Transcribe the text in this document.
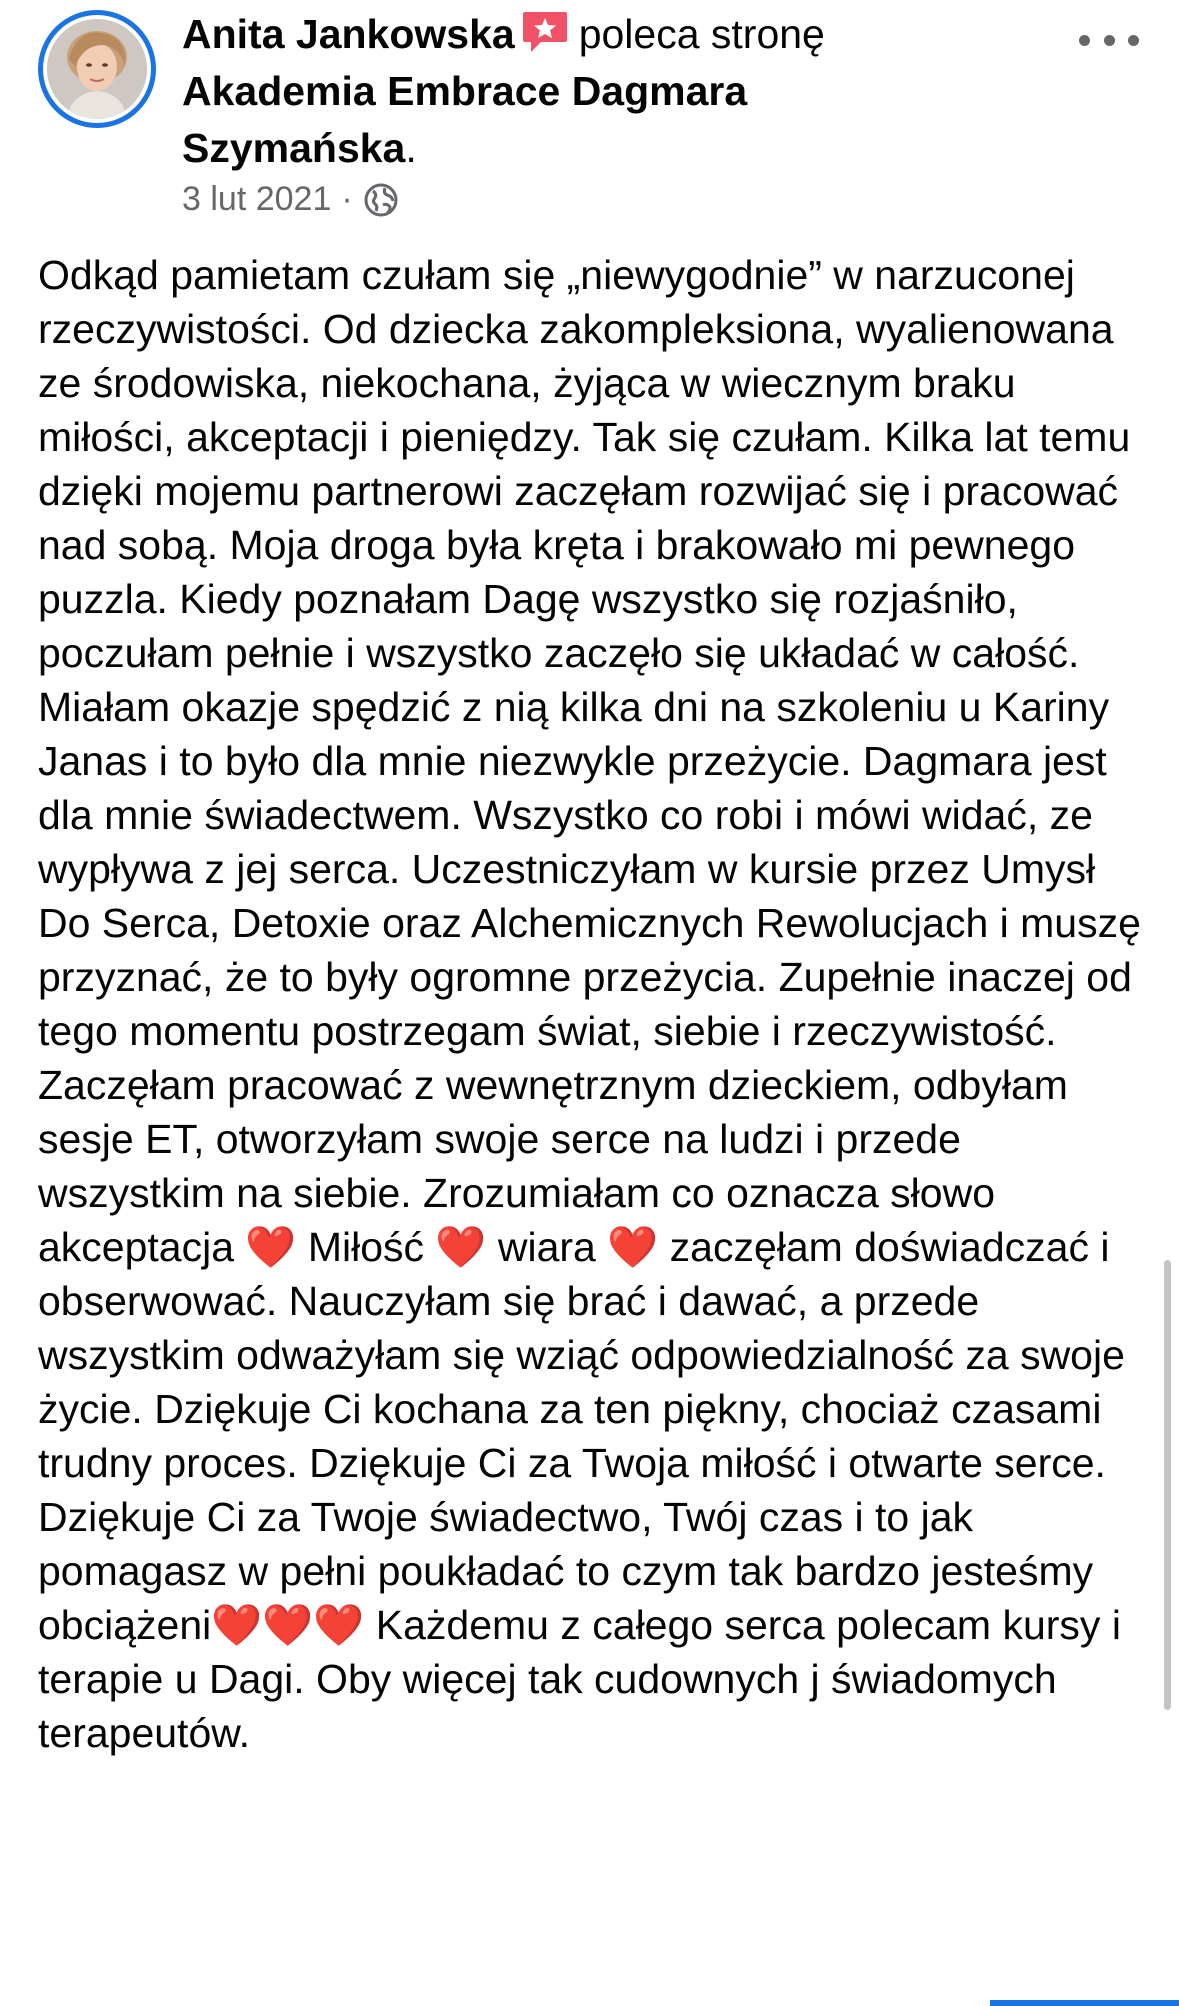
Anita Jankowska poleca stronę
Akademia Embrace Dagmara Szymańska.
3 lut 2021 ·
Odkąd pamietam czułam się „niewygodnie” w narzuconej rzeczywistości. Od dziecka zakompleksiona, wyalienowana ze środowiska, niekochana, żyjąca w wiecznym braku miłości, akceptacji i pieniędzy. Tak się czułam. Kilka lat temu dzięki mojemu partnerowi zaczęłam rozwijać się i pracować nad sobą. Moja droga była kręta i brakowało mi pewnego puzzla. Kiedy poznałam Dagę wszystko się rozjaśniło, poczułam pełnie i wszystko zaczęło się układać w całość. Miałam okazje spędzić z nią kilka dni na szkoleniu u Kariny Janas i to było dla mnie niezwykle przeżycie. Dagmara jest dla mnie świadectwem. Wszystko co robi i mówi widać, ze wypływa z jej serca. Uczestniczyłam w kursie przez Umysł Do Serca, Detoxie oraz Alchemicznych Rewolucjach i muszę przyznać, że to były ogromne przeżycia. Zupełnie inaczej od tego momentu postrzegam świat, siebie i rzeczywistość. Zaczęłam pracować z wewnętrznym dzieckiem, odbyłam sesje ET, otworzyłam swoje serce na ludzi i przede wszystkim na siebie. Zrozumiałam co oznacza słowo akceptacja ❤️ Miłość ❤️ wiara ❤️ zaczęłam doświadczać i obserwować. Nauczyłam się brać i dawać, a przede wszystkim odważyłam się wziąć odpowiedzialność za swoje życie. Dziękuje Ci kochana za ten piękny, chociaż czasami trudny proces. Dziękuje Ci za Twoja miłość i otwarte serce. Dziękuje Ci za Twoje świadectwo, Twój czas i to jak pomagasz w pełni poukładać to czym tak bardzo jesteśmy obciążeni❤️❤️❤️ Każdemu z całego serca polecam kursy i terapie u Dagi. Oby więcej tak cudownych j świadomych terapeutów.
